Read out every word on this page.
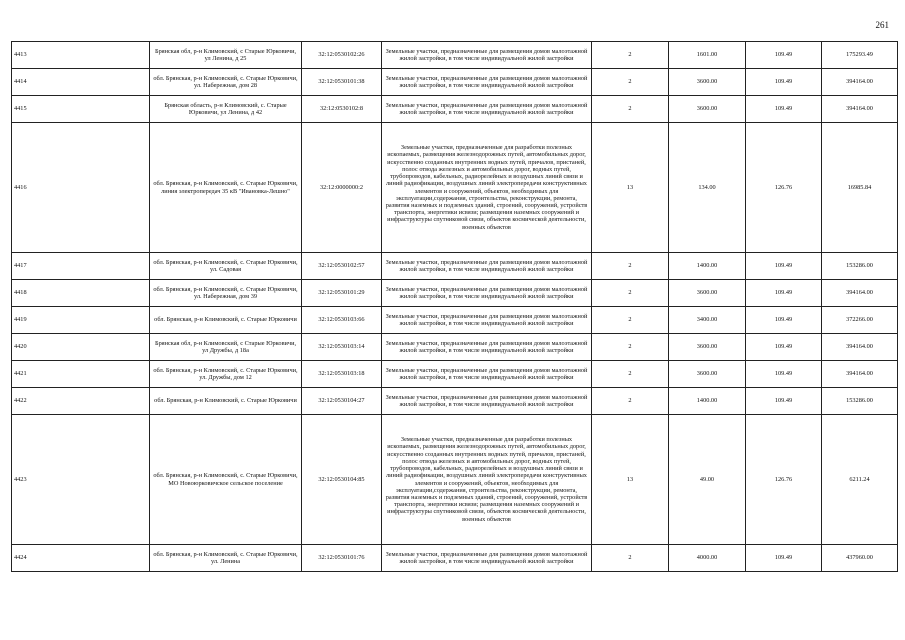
261
4413	Брянская обл, р-н Климовский, с Старые Юрковичи, ул Ленина, д 25	32:12:0530102:26	Земельные участки, предназначенные для размещения домов малоэтажной жилой застройки, в том числе индивидуальной жилой застройки	2	1601.00	109.49	175293.49
4414	обл. Брянская, р-н Климовский, с. Старые Юрковичи, ул. Набережная, дом 28	32:12:0530101:38	Земельные участки, предназначенные для размещения домов малоэтажной жилой застройки, в том числе индивидуальной жилой застройки	2	3600.00	109.49	394164.00
4415	Брянская область, р-н Климовский, с. Старые Юрковичи, ул Ленина, д 42	32:12:0530102:8	Земельные участки, предназначенные для размещения домов малоэтажной жилой застройки, в том числе индивидуальной жилой застройки	2	3600.00	109.49	394164.00
4416	обл. Брянская, р-н Климовский, с. Старые Юрковичи, линия электропередач 35 кВ "Ивановка-Лешно"	32:12:0000000:2	Земельные участки, предназначенные для разработки полезных ископаемых, размещения железнодорожных путей, автомобильных дорог, искусственно созданных внутренних водных путей, причалов, пристаней, полос отвода железных и автомобильных дорог, водных путей, трубопроводов, кабельных, радиорелейных и воздушных линий связи и линий радиофикации, воздушных линий электропередачи конструктивных элементов и сооружений, объектов, необходимых для эксплуатации,содержания, строительства, реконструкции, ремонта, развития наземных и подземных зданий, строений, сооружений, устройств транспорта, энергетики исвязи; размещения наземных сооружений и инфраструктуры спутниковой связи, объектов космической деятельности, военных объектов	13	134.00	126.76	16985.84
4417	обл. Брянская, р-н Климовский, с. Старые Юрковичи, ул. Садовая	32:12:0530102:57	Земельные участки, предназначенные для размещения домов малоэтажной жилой застройки, в том числе индивидуальной жилой застройки	2	1400.00	109.49	153286.00
4418	обл. Брянская, р-н Климовский, с. Старые Юрковичи, ул. Набережная, дом 39	32:12:0530101:29	Земельные участки, предназначенные для размещения домов малоэтажной жилой застройки, в том числе индивидуальной жилой застройки	2	3600.00	109.49	394164.00
4419	обл. Брянская, р-н Климовский, с. Старые Юрковичи	32:12:0530103:66	Земельные участки, предназначенные для размещения домов малоэтажной жилой застройки, в том числе индивидуальной жилой застройки	2	3400.00	109.49	372266.00
4420	Брянская обл, р-н Климовский, с Старые Юрковичи, ул Дружбы, д 18а	32:12:0530103:14	Земельные участки, предназначенные для размещения домов малоэтажной жилой застройки, в том числе индивидуальной жилой застройки	2	3600.00	109.49	394164.00
4421	обл. Брянская, р-н Климовский, с. Старые Юрковичи, ул. Дружбы, дом 12	32:12:0530103:18	Земельные участки, предназначенные для размещения домов малоэтажной жилой застройки, в том числе индивидуальной жилой застройки	2	3600.00	109.49	394164.00
4422	обл. Брянская, р-н Климовский, с. Старые Юрковичи	32:12:0530104:27	Земельные участки, предназначенные для размещения домов малоэтажной жилой застройки, в том числе индивидуальной жилой застройки	2	1400.00	109.49	153286.00
4423	обл. Брянская, р-н Климовский, с. Старые Юрковичи, МО Новоюрковичское сельское поселение	32:12:0530104:85	Земельные участки, предназначенные для разработки полезных ископаемых, размещения железнодорожных путей, автомобильных дорог, искусственно созданных внутренних водных путей, причалов, пристаней, полос отвода железных и автомобильных дорог, водных путей, трубопроводов, кабельных, радиорелейных и воздушных линий связи и линий радиофикации, воздушных линий электропередачи конструктивных элементов и сооружений, объектов, необходимых для эксплуатации,содержания, строительства, реконструкции, ремонта, развития наземных и подземных зданий, строений, сооружений, устройств транспорта, энергетики исвязи; размещения наземных сооружений и инфраструктуры спутниковой связи, объектов космической деятельности, военных объектов	13	49.00	126.76	6211.24
4424	обл. Брянская, р-н Климовский, с. Старые Юрковичи, ул. Ленина	32:12:0530101:76	Земельные участки, предназначенные для размещения домов малоэтажной жилой застройки, в том числе индивидуальной жилой застройки	2	4000.00	109.49	437960.00
